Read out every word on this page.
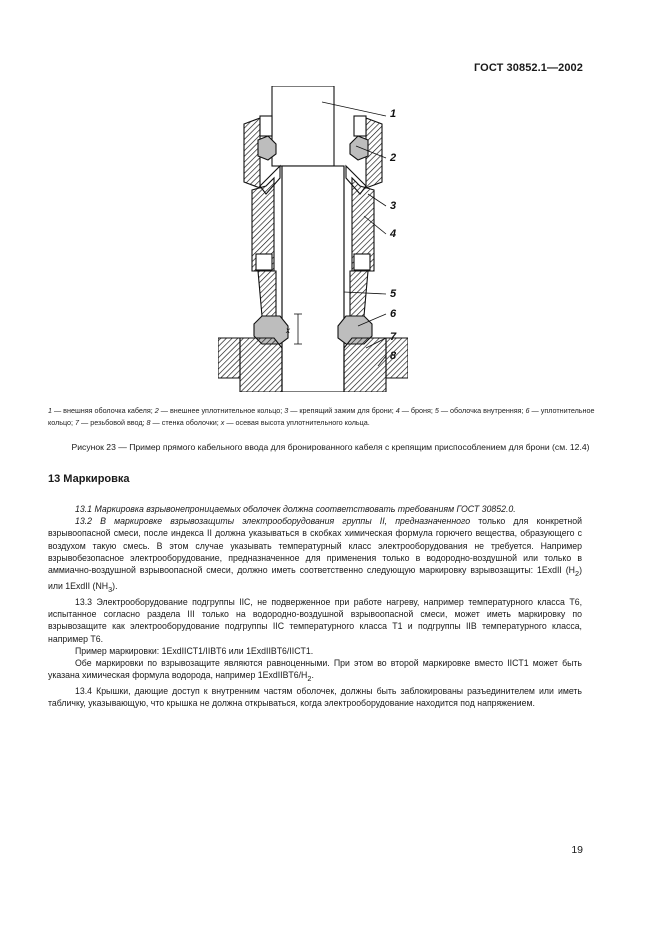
ГОСТ 30852.1—2002
1
2
3
4
5
6
7
8
x
1 — внешняя оболочка кабеля; 2 — внешнее уплотнительное кольцо; 3 — крепящий зажим для брони; 4 — броня; 5 — оболочка внутренняя; 6 — уплотнительное кольцо; 7 — резьбовой ввод; 8 — стенка оболочки; x — осевая высота уплотнительного кольца.
Рисунок 23 — Пример прямого кабельного ввода для бронированного кабеля с крепящим приспособлением для брони (см. 12.4)
13 Маркировка

13.1 Маркировка взрывонепроницаемых оболочек должна соответствовать требованиям ГОСТ 30852.0.

13.2 В маркировке взрывозащиты электрооборудования группы II, предназначенного только для конкретной взрывоопасной смеси, после индекса II должна указываться в скобках химическая формула горючего вещества, образующего с воздухом такую смесь. В этом случае указывать температурный класс электрооборудования не требуется. Например взрывобезопасное электрооборудование, предназначенное для применения только в водородно-воздушной или только в аммиачно-воздушной взрывоопасной смеси, должно иметь соответственно следующую маркировку взрывозащиты: 1ExdII $(H_2)$ или 1ExdII $(NH_3)$.

13.3 Электрооборудование подгруппы IIC, не подверженное при работе нагреву, например температурного класса T6, испытанное согласно раздела III только на водородно-воздушной взрывоопасной смеси, может иметь маркировку по взрывозащите как электрооборудование подгруппы IIC температурного класса T1 и подгруппы IIB температурного класса, например T6.

Пример маркировки: 1ExdIICT1/IIBT6 или 1ExdIIBT6/IICT1.

Обе маркировки по взрывозащите являются равноценными. При этом во второй маркировке вместо IICT1 может быть указана химическая формула водорода, например $1ExdIIBT6/H_2$.

13.4 Крышки, дающие доступ к внутренним частям оболочек, должны быть заблокированы разъединителем или иметь табличку, указывающую, что крышка не должна открываться, когда электрооборудование находится под напряжением.

19
